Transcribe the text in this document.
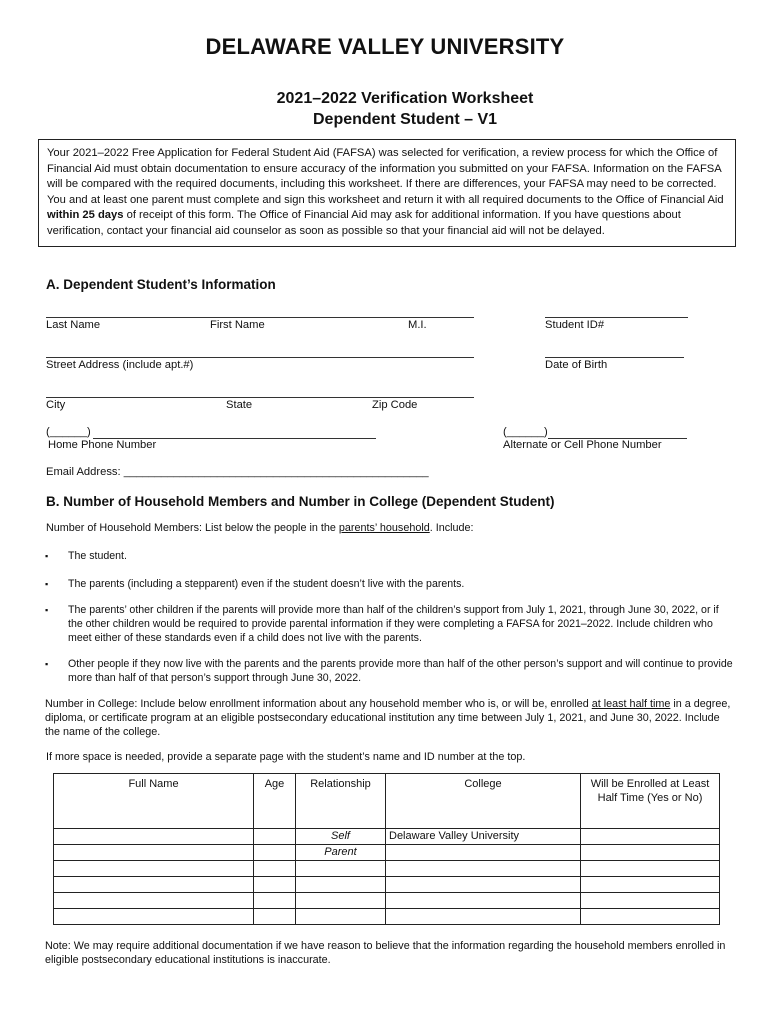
DELAWARE VALLEY UNIVERSITY
2021–2022 Verification Worksheet
Dependent Student – V1

Your 2021–2022 Free Application for Federal Student Aid (FAFSA) was selected for verification, a review process for which the Office of Financial Aid must obtain documentation to ensure accuracy of the information you submitted on your FAFSA. Information on the FAFSA will be compared with the required documents, including this worksheet. If there are differences, your FAFSA may need to be corrected. You and at least one parent must complete and sign this worksheet and return it with all required documents to the Office of Financial Aid within 25 days of receipt of this form. The Office of Financial Aid may ask for additional information. If you have questions about verification, contact your financial aid counselor as soon as possible so that your financial aid will not be delayed.

A. Dependent Student’s Information
Last Name	First Name	M.I.	Student ID#
Street Address (include apt.#)	Date of Birth
City	State	Zip Code
(______)
Home Phone Number
(______)
Alternate or Cell Phone Number
Email Address: _________________________________________________
B. Number of Household Members and Number in College (Dependent Student)
Number of Household Members: List below the people in the parents’ household. Include:
▪ The student.
▪ The parents (including a stepparent) even if the student doesn’t live with the parents.
▪ The parents’ other children if the parents will provide more than half of the children’s support from July 1, 2021, through June 30, 2022, or if the other children would be required to provide parental information if they were completing a FAFSA for 2021–2022. Include children who meet either of these standards even if a child does not live with the parents.
▪ Other people if they now live with the parents and the parents provide more than half of the other person’s support and will continue to provide more than half of that person’s support through June 30, 2022.
Number in College: Include below enrollment information about any household member who is, or will be, enrolled at least half time in a degree, diploma, or certificate program at an eligible postsecondary educational institution any time between July 1, 2021, and June 30, 2022. Include the name of the college.
If more space is needed, provide a separate page with the student’s name and ID number at the top.
Full Name	Age	Relationship	College	Will be Enrolled at Least Half Time (Yes or No)
		Self	Delaware Valley University	
		Parent		

Note: We may require additional documentation if we have reason to believe that the information regarding the household members enrolled in eligible postsecondary educational institutions is inaccurate.
